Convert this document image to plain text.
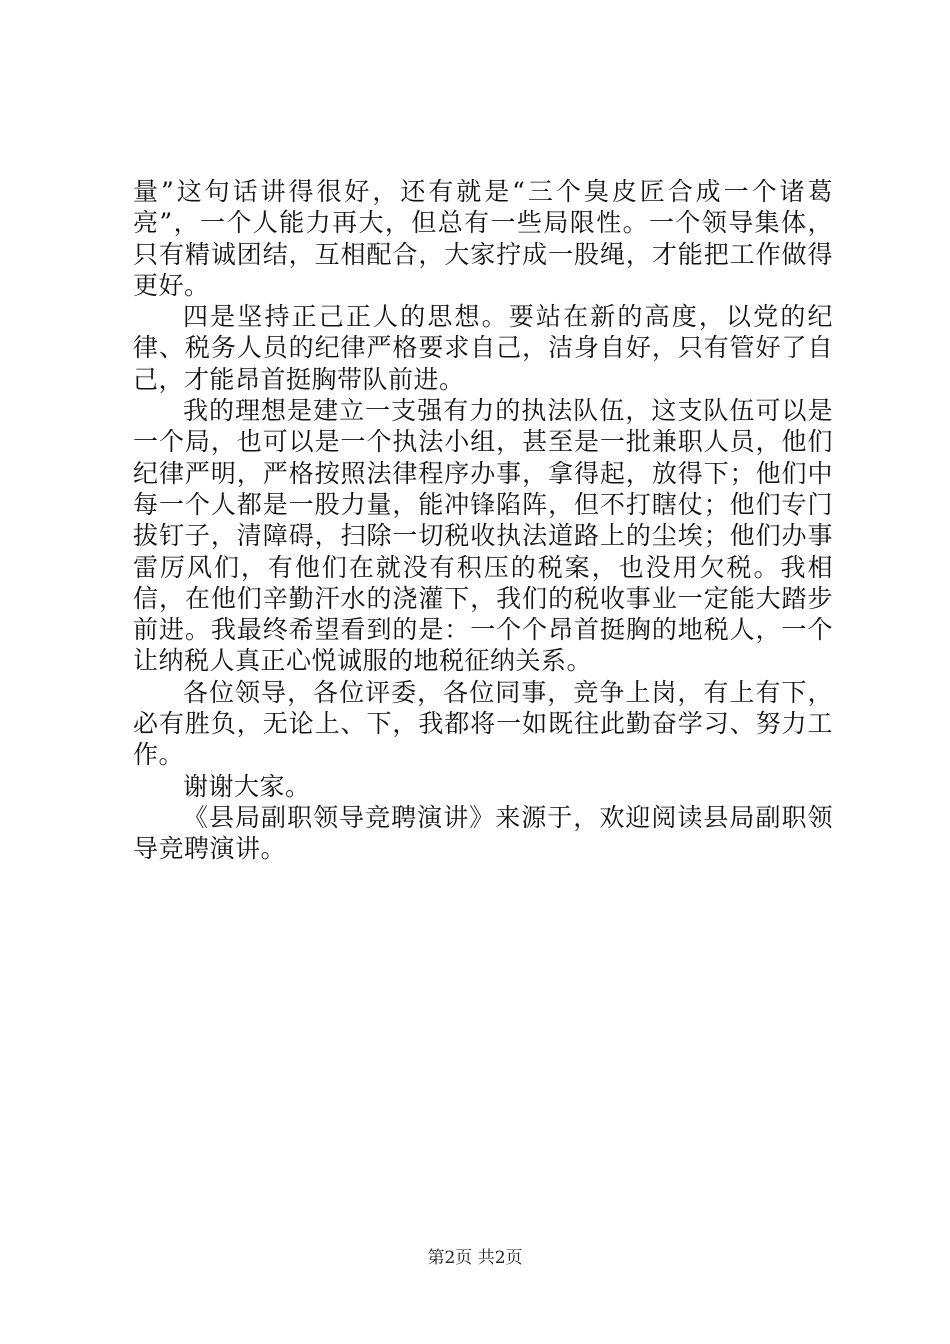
量”这句话讲得很好，还有就是“三个臭皮匠合成一个诸葛亮”，一个人能力再大，但总有一些局限性。一个领导集体，只有精诚团结，互相配合，大家拧成一股绳，才能把工作做得更好。

四是坚持正己正人的思想。要站在新的高度，以党的纪律、税务人员的纪律严格要求自己，洁身自好，只有管好了自己，才能昂首挺胸带队前进。

我的理想是建立一支强有力的执法队伍，这支队伍可以是一个局，也可以是一个执法小组，甚至是一批兼职人员，他们纪律严明，严格按照法律程序办事，拿得起，放得下；他们中每一个人都是一股力量，能冲锋陷阵，但不打瞎仗；他们专门拔钉子，清障碍，扫除一切税收执法道路上的尘埃；他们办事雷厉风们，有他们在就没有积压的税案，也没用欠税。我相信，在他们辛勤汗水的浇灌下，我们的税收事业一定能大踏步前进。我最终希望看到的是：一个个昂首挺胸的地税人，一个让纳税人真正心悦诚服的地税征纳关系。

各位领导，各位评委，各位同事，竞争上岗，有上有下，必有胜负，无论上、下，我都将一如既往此勤奋学习、努力工作。

谢谢大家。

《县局副职领导竞聘演讲》来源于，欢迎阅读县局副职领导竞聘演讲。

第2页 共2页
